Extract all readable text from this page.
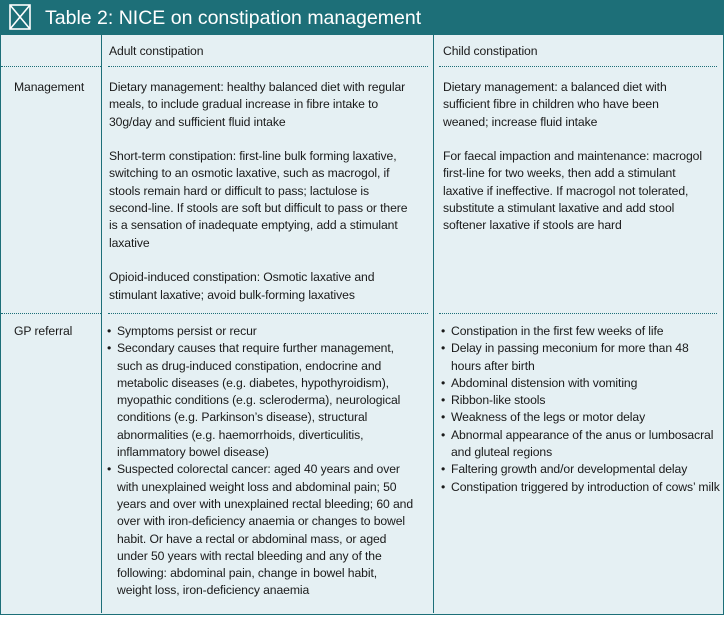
Table 2: NICE on constipation management
Adult constipation	Child constipation
Management Dietary management: healthy balanced diet with regular meals, to include gradual increase in fibre intake to 30g/day and sufficient fluid intake

Short-term constipation: first-line bulk forming laxative, switching to an osmotic laxative, such as macrogol, if stools remain hard or difficult to pass; lactulose is second-line. If stools are soft but difficult to pass or there is a sensation of inadequate emptying, add a stimulant laxative

Opioid-induced constipation: Osmotic laxative and stimulant laxative; avoid bulk-forming laxatives

Dietary management: a balanced diet with sufficient fibre in children who have been weaned; increase fluid intake

For faecal impaction and maintenance: macrogol first-line for two weeks, then add a stimulant laxative if ineffective. If macrogol not tolerated, substitute a stimulant laxative and add stool softener laxative if stools are hard

GP referral
•	Symptoms persist or recur
• Secondary causes that require further management, such as drug-induced constipation, endocrine and metabolic diseases (e.g. diabetes, hypothyroidism), myopathic conditions (e.g. scleroderma), neurological conditions (e.g. Parkinson’s disease), structural abnormalities (e.g. haemorrhoids, diverticulitis, inflammatory bowel disease)
• Suspected colorectal cancer: aged 40 years and over with unexplained weight loss and abdominal pain; 50 years and over with unexplained rectal bleeding; 60 and over with iron-deficiency anaemia or changes to bowel habit. Or have a rectal or abdominal mass, or aged under 50 years with rectal bleeding and any of the following: abdominal pain, change in bowel habit, weight loss, iron-deficiency anaemia
• Constipation in the first few weeks of life
• Delay in passing meconium for more than 48 hours after birth
• Abdominal distension with vomiting
• Ribbon-like stools
• Weakness of the legs or motor delay
• Abnormal appearance of the anus or lumbosacral and gluteal regions
• Faltering growth and/or developmental delay
• Constipation triggered by introduction of cows’ milk
